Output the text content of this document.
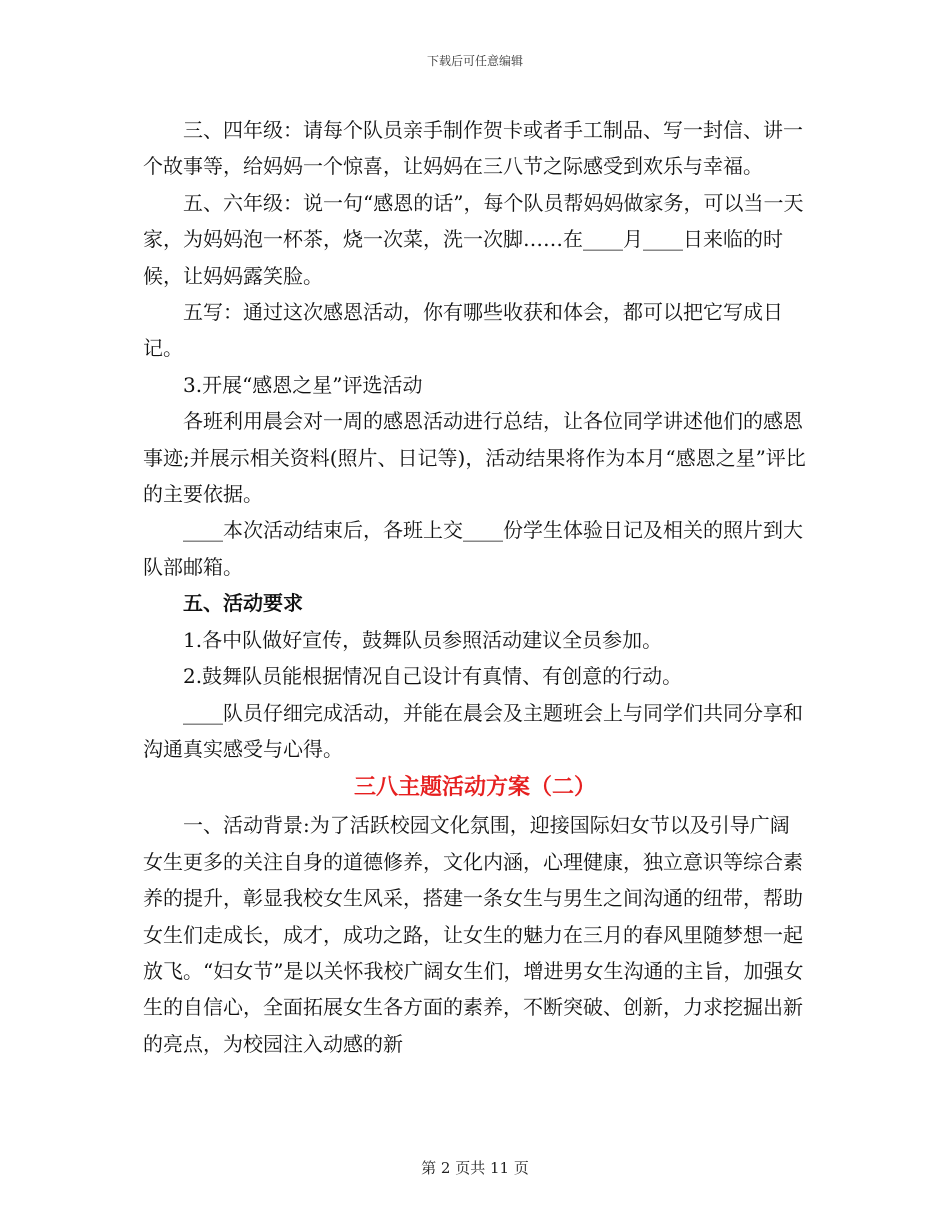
下载后可任意编辑

三、四年级：请每个队员亲手制作贺卡或者手工制品、写一封信、讲一个故事等，给妈妈一个惊喜，让妈妈在三八节之际感受到欢乐与幸福。

五、六年级：说一句“感恩的话”，每个队员帮妈妈做家务，可以当一天家，为妈妈泡一杯茶，烧一次菜，洗一次脚……在____月____日来临的时候，让妈妈露笑脸。

五写：通过这次感恩活动，你有哪些收获和体会，都可以把它写成日记。

3.开展“感恩之星”评选活动

各班利用晨会对一周的感恩活动进行总结，让各位同学讲述他们的感恩事迹;并展示相关资料(照片、日记等)，活动结果将作为本月“感恩之星”评比的主要依据。

____本次活动结束后，各班上交____份学生体验日记及相关的照片到大队部邮箱。

五、活动要求

1.各中队做好宣传，鼓舞队员参照活动建议全员参加。

2.鼓舞队员能根据情况自己设计有真情、有创意的行动。

____队员仔细完成活动，并能在晨会及主题班会上与同学们共同分享和沟通真实感受与心得。

三八主题活动方案（二）

一、活动背景:为了活跃校园文化氛围，迎接国际妇女节以及引导广阔女生更多的关注自身的道德修养，文化内涵，心理健康，独立意识等综合素养的提升，彰显我校女生风采，搭建一条女生与男生之间沟通的纽带，帮助女生们走成长，成才，成功之路，让女生的魅力在三月的春风里随梦想一起放飞。“妇女节”是以关怀我校广阔女生们，增进男女生沟通的主旨，加强女生的自信心，全面拓展女生各方面的素养，不断突破、创新，力求挖掘出新的亮点，为校园注入动感的新

第 2 页共 11 页
